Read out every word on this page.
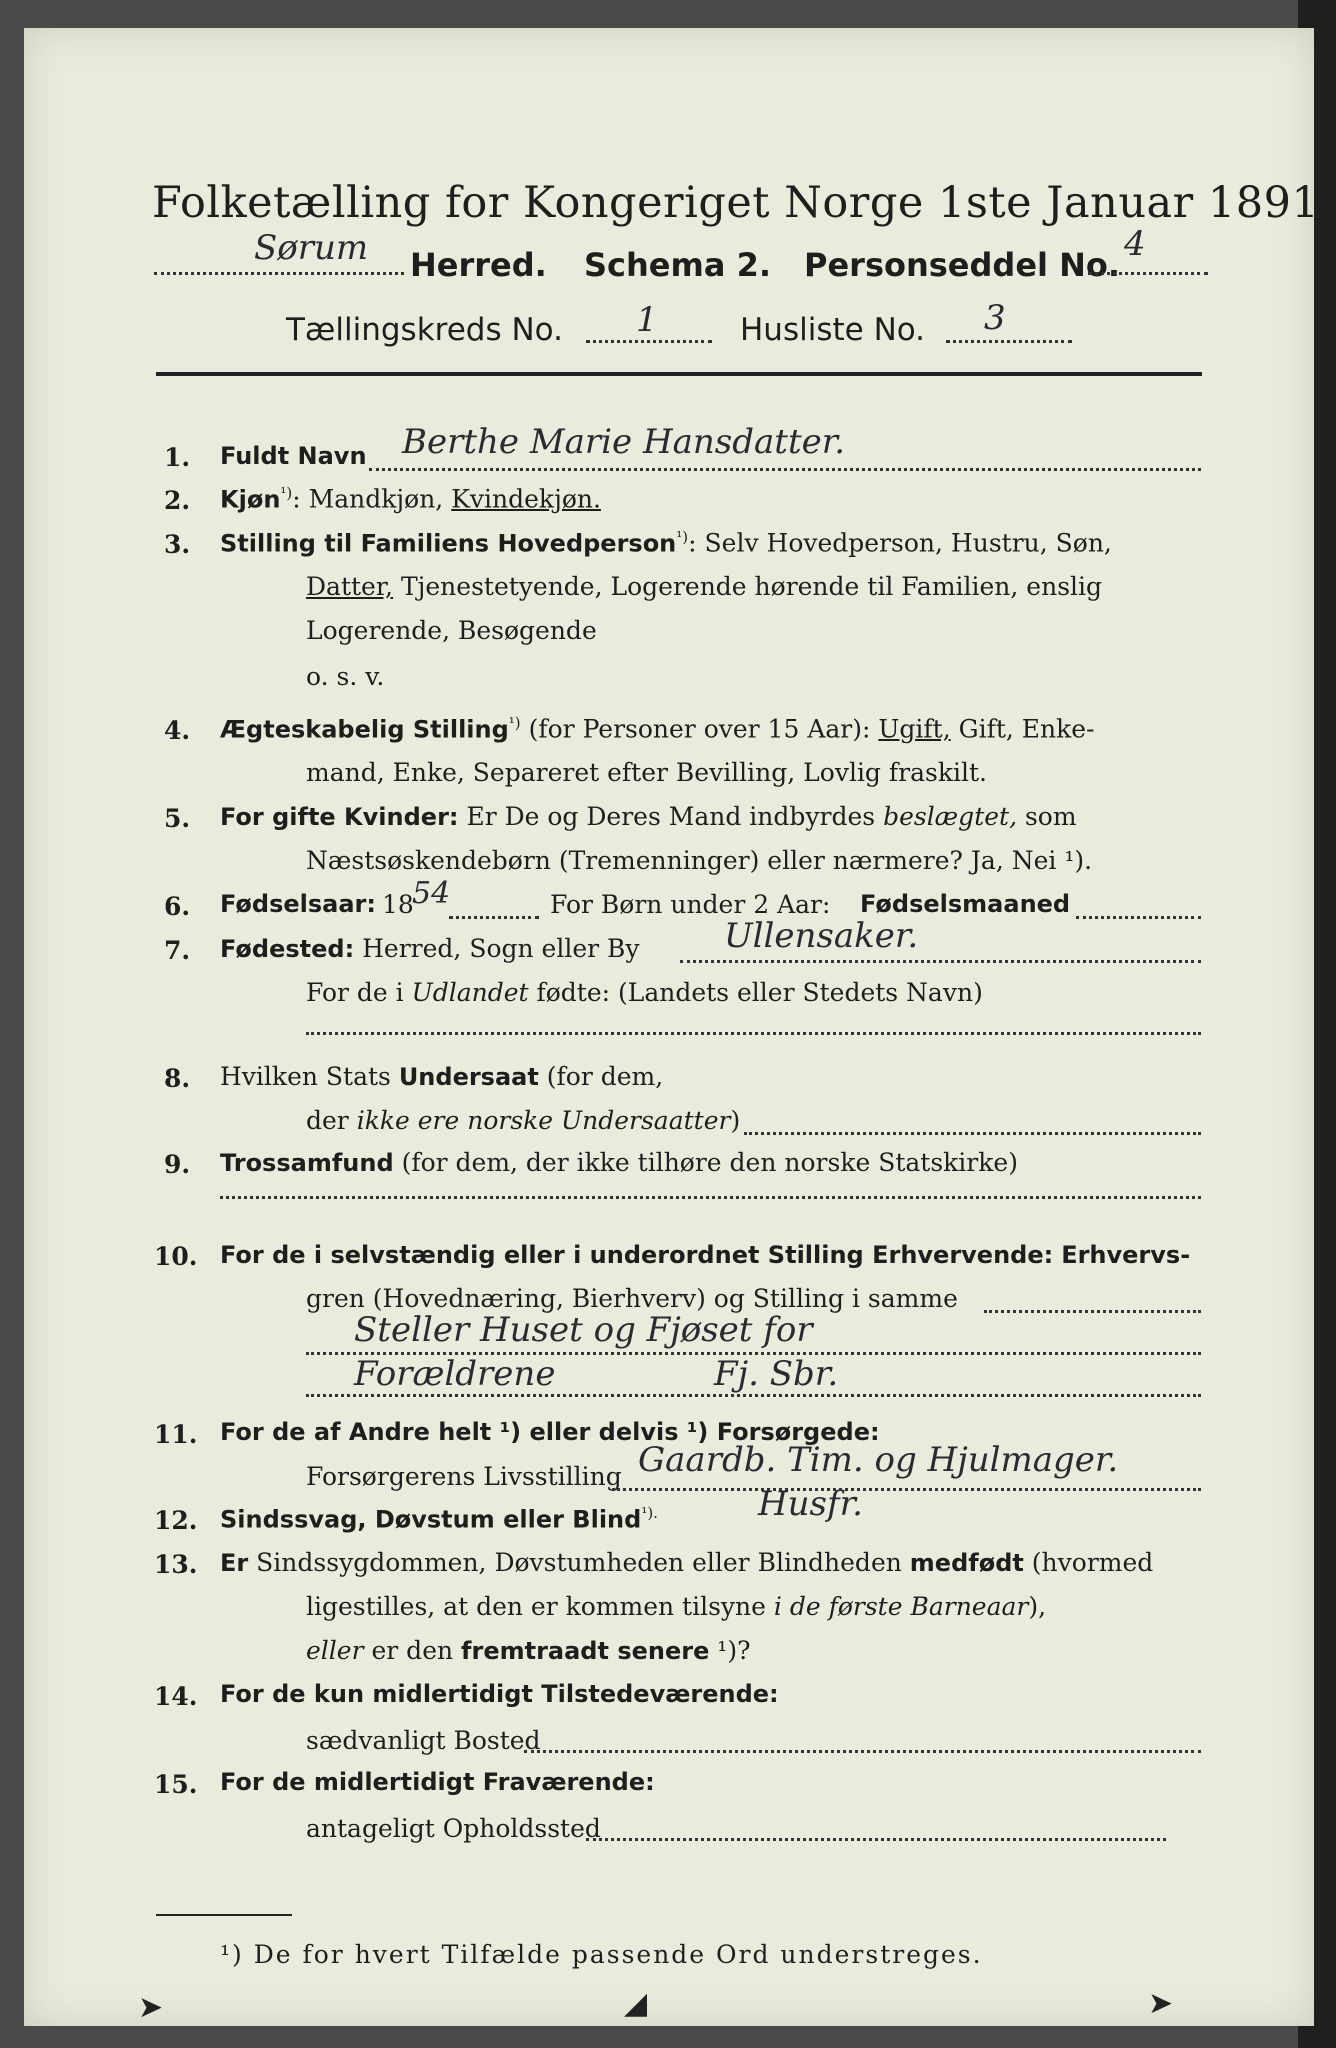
Folketælling for Kongeriget Norge 1ste Januar 1891.
Sørum Herred. Schema 2. Personseddel No.
4
Tællingskreds No. 1	Husliste No. 3
1. Fuldt Navn Berthe Marie Hansdatter.
2. Kjøn$^{^1)}$: Mandkjøn, Kvindekjøn.
3. Stilling til Familiens Hovedperson$^{^1)}$: Selv Hovedperson, Hustru, Søn,
Datter, Tjenestetyende, Logerende hørende til Familien, enslig
Logerende, Besøgende
o. s. v.
4. Ægteskabelig Stilling$^{^1)}$ (for Personer over 15 Aar): Ugift, Gift, Enke-
mand, Enke, Separeret efter Bevilling, Lovlig fraskilt.
5. For gifte Kvinder: Er De og Deres Mand indbyrdes beslægtet, som
Næstsøskendebørn (Tremenninger) eller nærmere? Ja, Nei ¹).
6. Fødselsaar: 18
54	For Børn under 2 Aar: Fødselsmaaned
7. Fødested: Herred, Sogn eller By Ullensaker.
For de i Udlandet fødte: (Landets eller Stedets Navn)
8. Hvilken Stats Undersaat (for dem,
der ikke ere norske Undersaatter)
9. Trossamfund (for dem, der ikke tilhøre den norske Statskirke)
10. For de i selvstændig eller i underordnet Stilling Erhvervende: Erhvervs-
gren (Hovednæring, Bierhverv) og Stilling i samme
Steller Huset og Fjøset for
Forældrene	Fj. Sbr.
11. For de af Andre helt ¹) eller delvis ¹) Forsørgede:
Forsørgerens Livsstilling Gaardb. Tim. og Hjulmager.
12. Sindssvag, Døvstum eller Blind$^{^1).}$	Husfr.
13. Er Sindssygdommen, Døvstumheden eller Blindheden medfødt (hvormed
ligestilles, at den er kommen tilsyne i de første Barneaar),
eller er den fremtraadt senere ¹)?
14. For de kun midlertidigt Tilstedeværende:
sædvanligt Bosted
15. For de midlertidigt Fraværende:
antageligt Opholdssted
¹) De for hvert Tilfælde passende Ord understreges.
➤	◢	➤
